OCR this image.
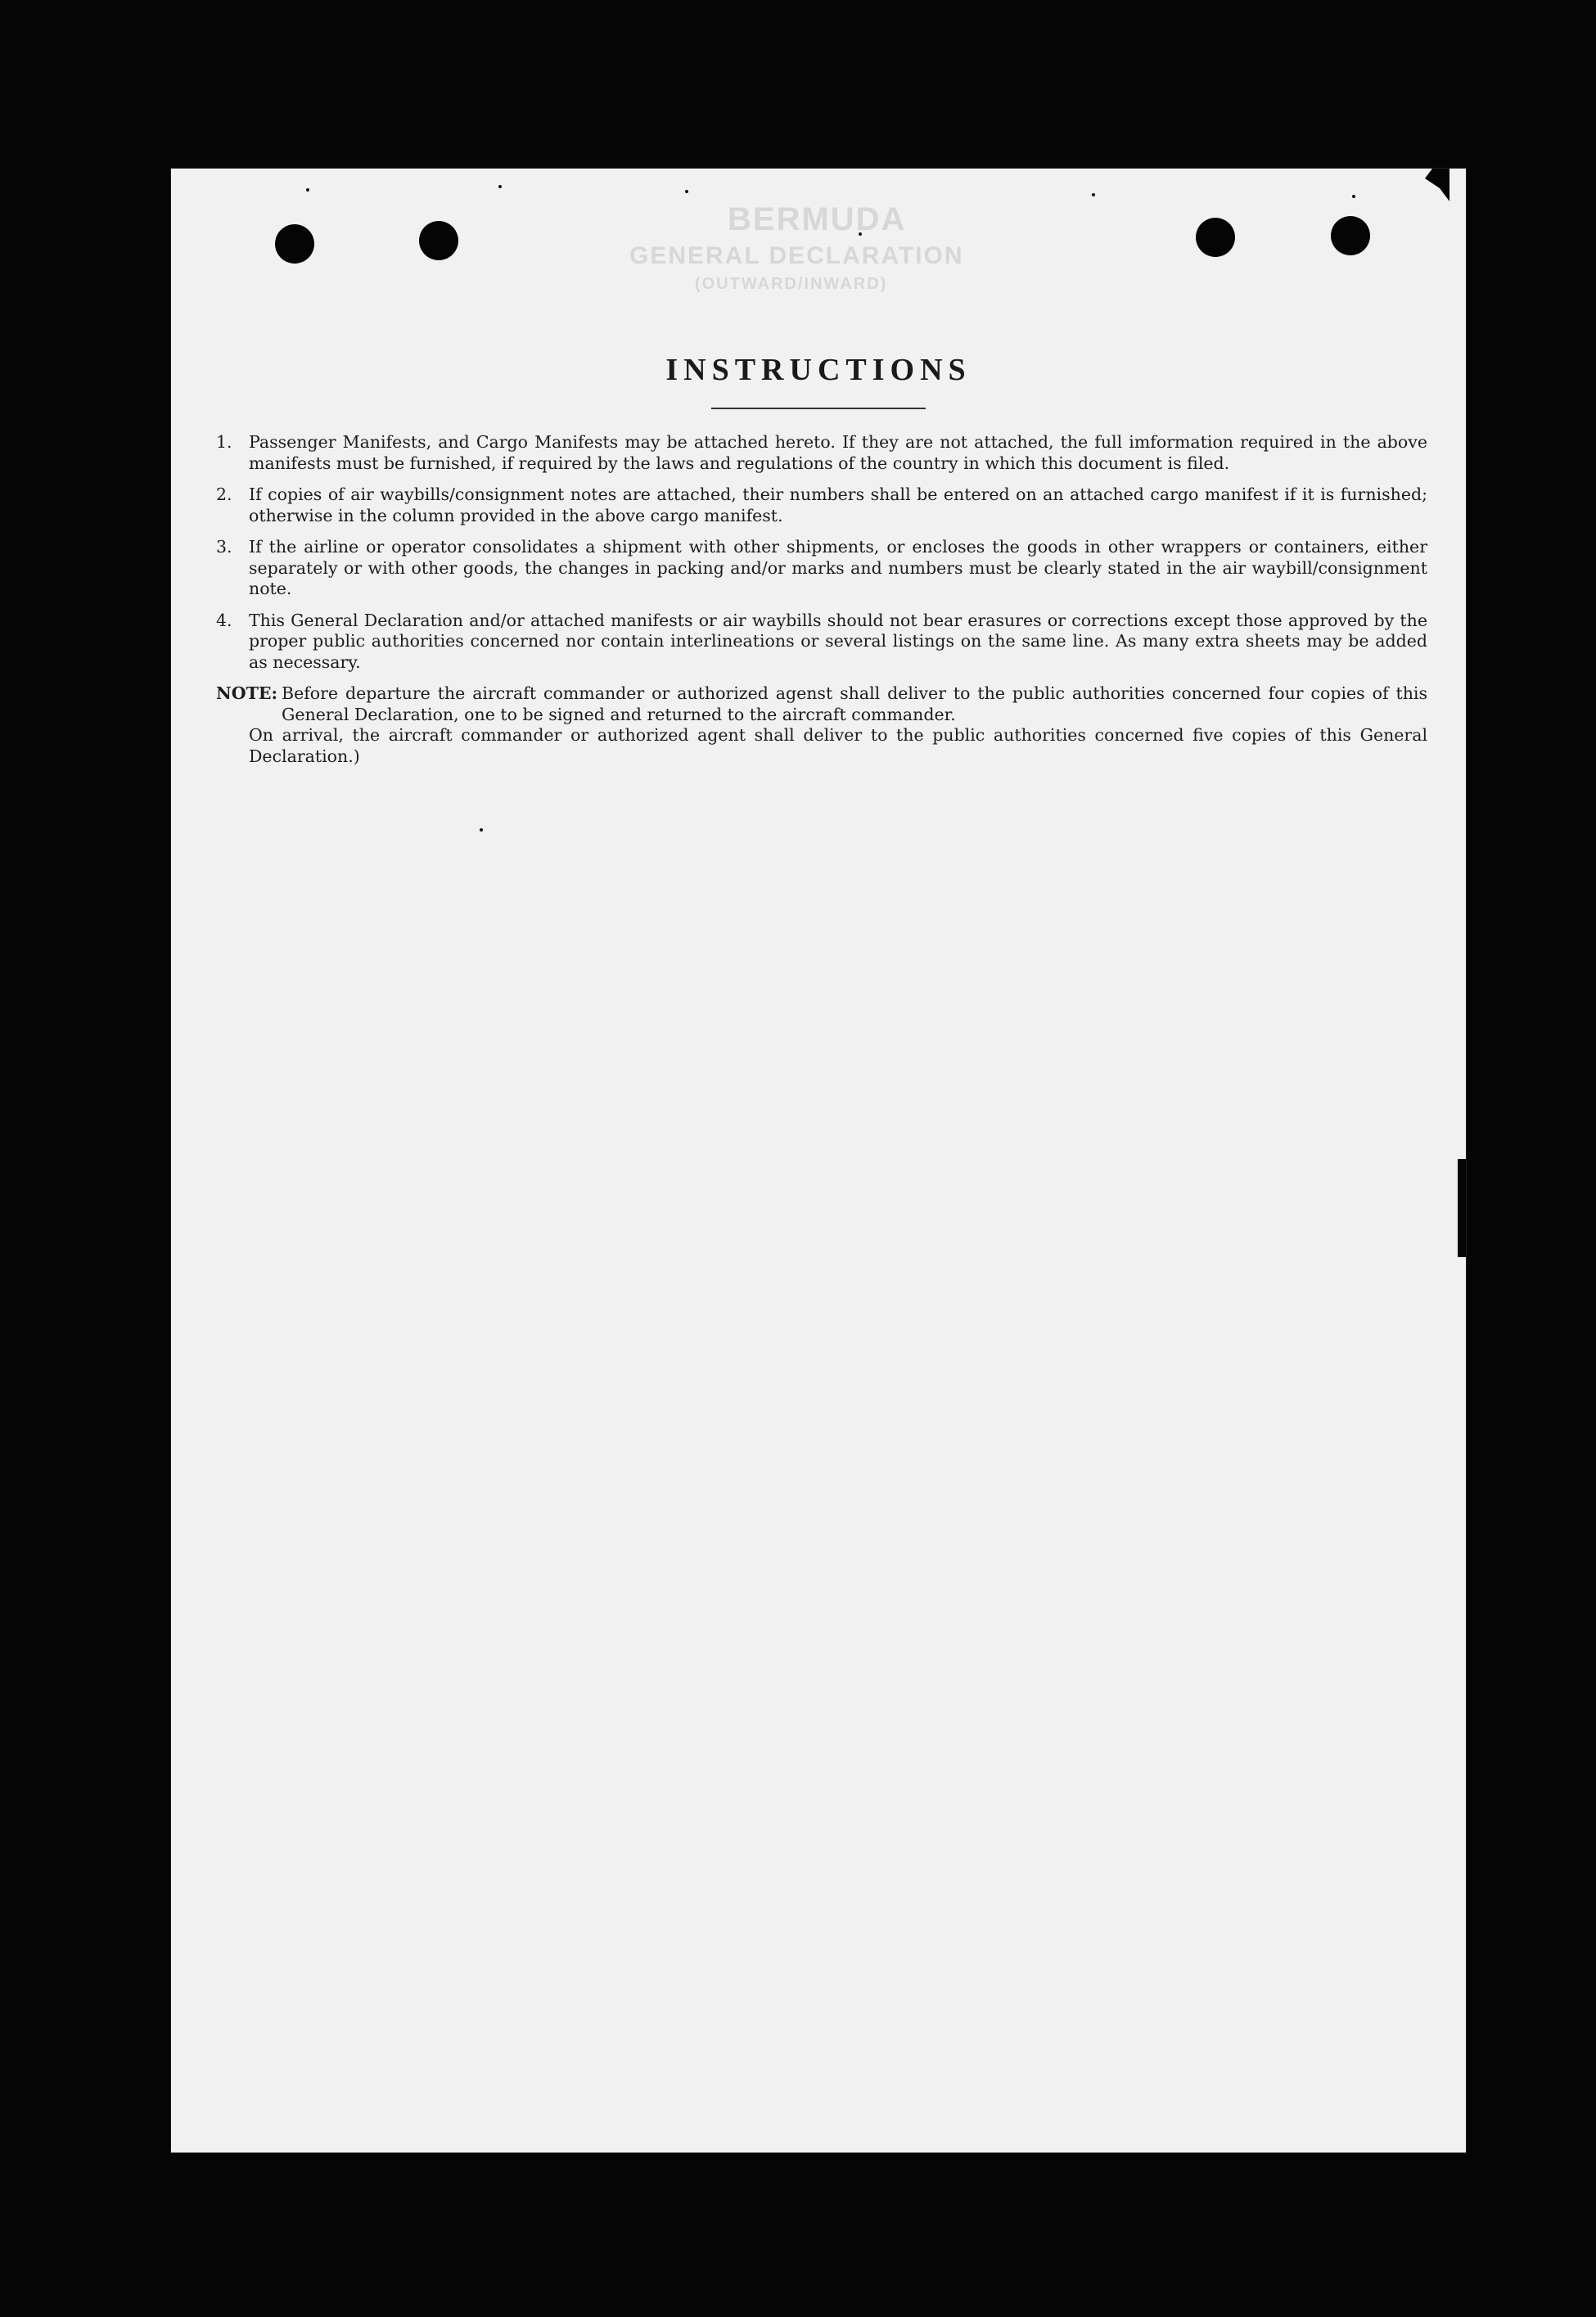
BERMUDA
GENERAL DECLARATION
(OUTWARD/INWARD)
INSTRUCTIONS
1. Passenger Manifests, and Cargo Manifests may be attached hereto. If they are not attached, the full imformation required in the above manifests must be furnished, if required by the laws and regulations of the country in which this document is filed.
2. If copies of air waybills/consignment notes are attached, their numbers shall be entered on an attached cargo manifest if it is furnished; otherwise in the column provided in the above cargo manifest.
3. If the airline or operator consolidates a shipment with other shipments, or encloses the goods in other wrappers or containers, either separately or with other goods, the changes in packing and/or marks and numbers must be clearly stated in the air waybill/consignment note.
4. This General Declaration and/or attached manifests or air waybills should not bear erasures or corrections except those approved by the proper public authorities concerned nor contain interlineations or several listings on the same line. As many extra sheets may be added as necessary.
NOTE: Before departure the aircraft commander or authorized agenst shall deliver to the public authorities concerned four copies of this General Declaration, one to be signed and returned to the aircraft commander.
On arrival, the aircraft commander or authorized agent shall deliver to the public authorities concerned five copies of this General Declaration.)
